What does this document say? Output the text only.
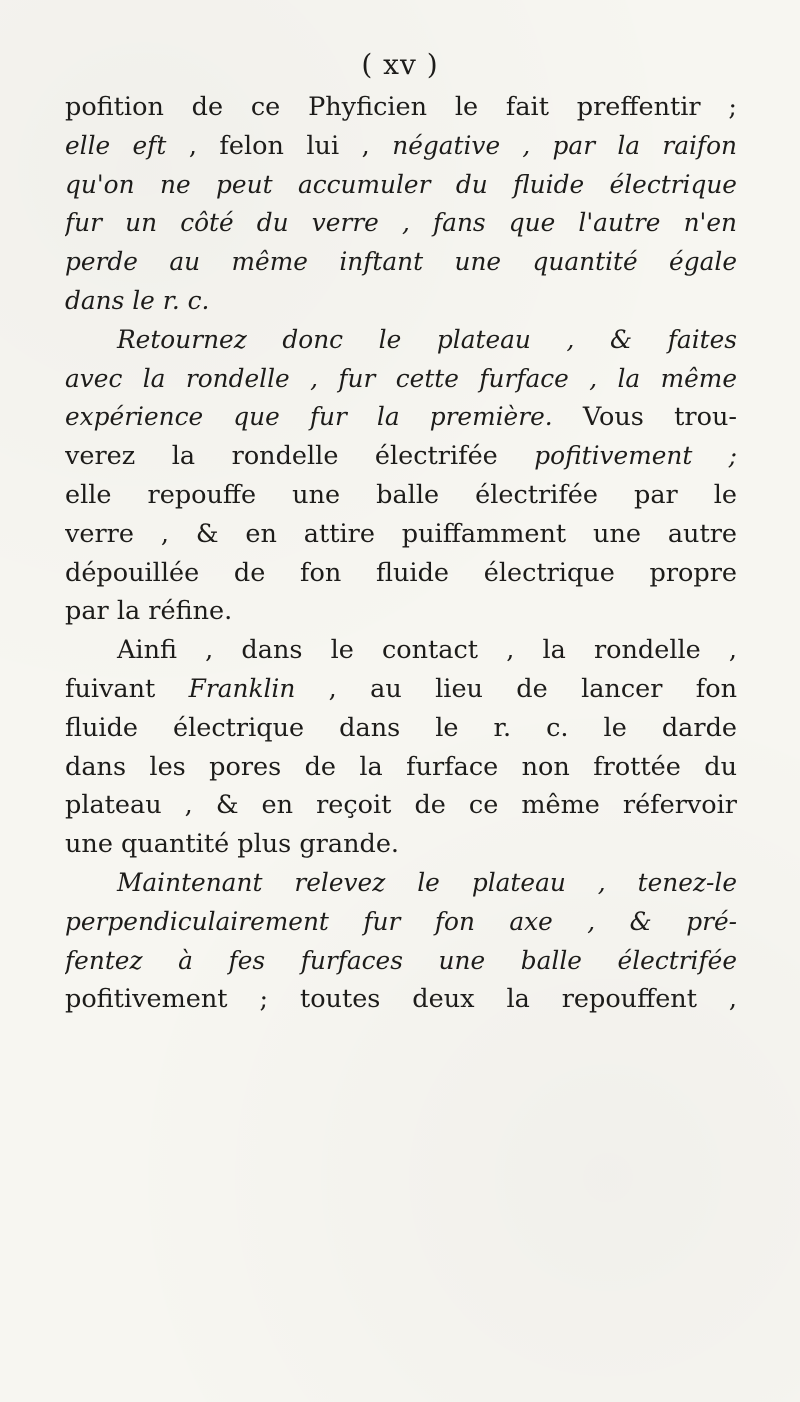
( xv )
pofition de ce Phyficien le fait preffentir ;
elle eft , felon lui , négative , par la raifon
qu'on ne peut accumuler du fluide électrique
fur un côté du verre , fans que l'autre n'en
perde au même inftant une quantité égale
dans le r. c.
Retournez donc le plateau , & faites
avec la rondelle , fur cette furface , la même
expérience que fur la première. Vous trou-
verez la rondelle électrifée pofitivement ;
elle repouffe une balle électrifée par le
verre , & en attire puiffamment une autre
dépouillée de fon fluide électrique propre
par la réfine.
Ainfi , dans le contact , la rondelle ,
fuivant Franklin , au lieu de lancer fon
fluide électrique dans le r. c. le darde
dans les pores de la furface non frottée du
plateau , & en reçoit de ce même réfervoir
une quantité plus grande.
Maintenant relevez le plateau , tenez-le
perpendiculairement fur fon axe , & pré-
fentez à fes furfaces une balle électrifée
pofitivement ; toutes deux la repouffent ,
